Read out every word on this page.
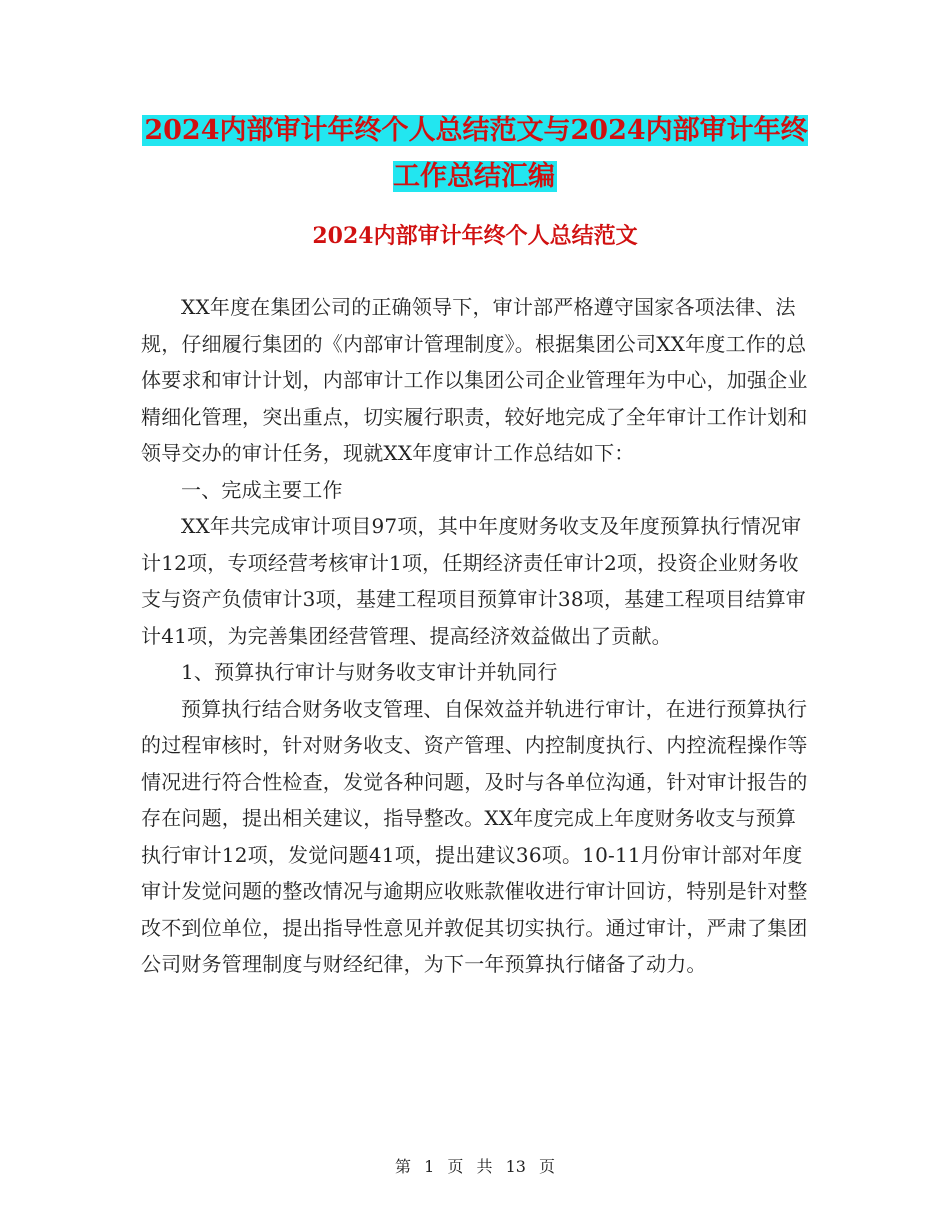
2024内部审计年终个人总结范文与2024内部审计年终工作总结汇编
2024内部审计年终个人总结范文

XX年度在集团公司的正确领导下，审计部严格遵守国家各项法律、法规，仔细履行集团的《内部审计管理制度》。根据集团公司XX年度工作的总体要求和审计计划，内部审计工作以集团公司企业管理年为中心，加强企业精细化管理，突出重点，切实履行职责，较好地完成了全年审计工作计划和领导交办的审计任务，现就XX年度审计工作总结如下：

一、完成主要工作

XX年共完成审计项目97项，其中年度财务收支及年度预算执行情况审计12项，专项经营考核审计1项，任期经济责任审计2项，投资企业财务收支与资产负债审计3项，基建工程项目预算审计38项，基建工程项目结算审计41项，为完善集团经营管理、提高经济效益做出了贡献。

1、预算执行审计与财务收支审计并轨同行

预算执行结合财务收支管理、自保效益并轨进行审计，在进行预算执行的过程审核时，针对财务收支、资产管理、内控制度执行、内控流程操作等情况进行符合性检查，发觉各种问题，及时与各单位沟通，针对审计报告的存在问题，提出相关建议，指导整改。XX年度完成上年度财务收支与预算执行审计12项，发觉问题41项，提出建议36项。10-11月份审计部对年度审计发觉问题的整改情况与逾期应收账款催收进行审计回访，特别是针对整改不到位单位，提出指导性意见并敦促其切实执行。通过审计，严肃了集团公司财务管理制度与财经纪律，为下一年预算执行储备了动力。

第 1 页 共 13 页
